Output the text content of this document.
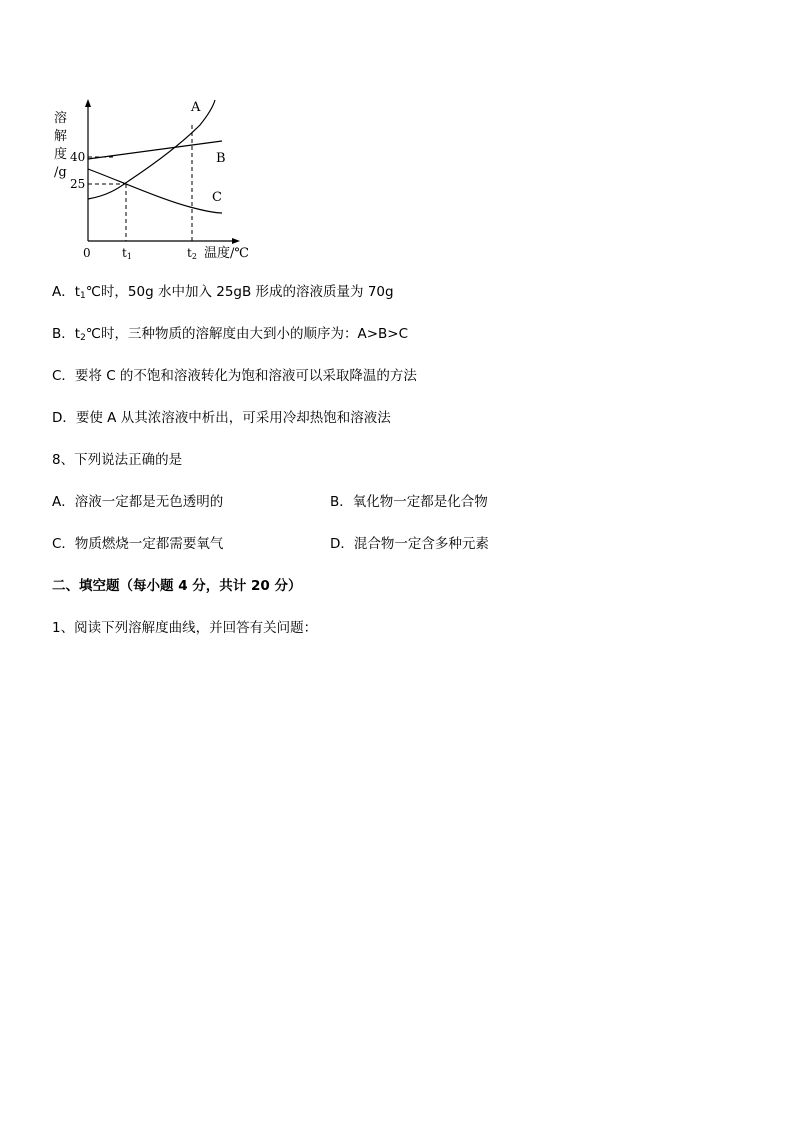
溶
解
度
/g
40
25
0	t1	t2 温度/℃
A
B
C
A．$t_1℃$时，50g 水中加入 25gB 形成的溶液质量为 70g
B．$t_2℃$时，三种物质的溶解度由大到小的顺序为：A>B>C
C．要将 C 的不饱和溶液转化为饱和溶液可以采取降温的方法
D．要使 A 从其浓溶液中析出，可采用冷却热饱和溶液法
8、下列说法正确的是
A．溶液一定都是无色透明的	B．氧化物一定都是化合物
C．物质燃烧一定都需要氧气	D．混合物一定含多种元素
二、填空题（每小题 4 分，共计 20 分）
1、阅读下列溶解度曲线，并回答有关问题：
